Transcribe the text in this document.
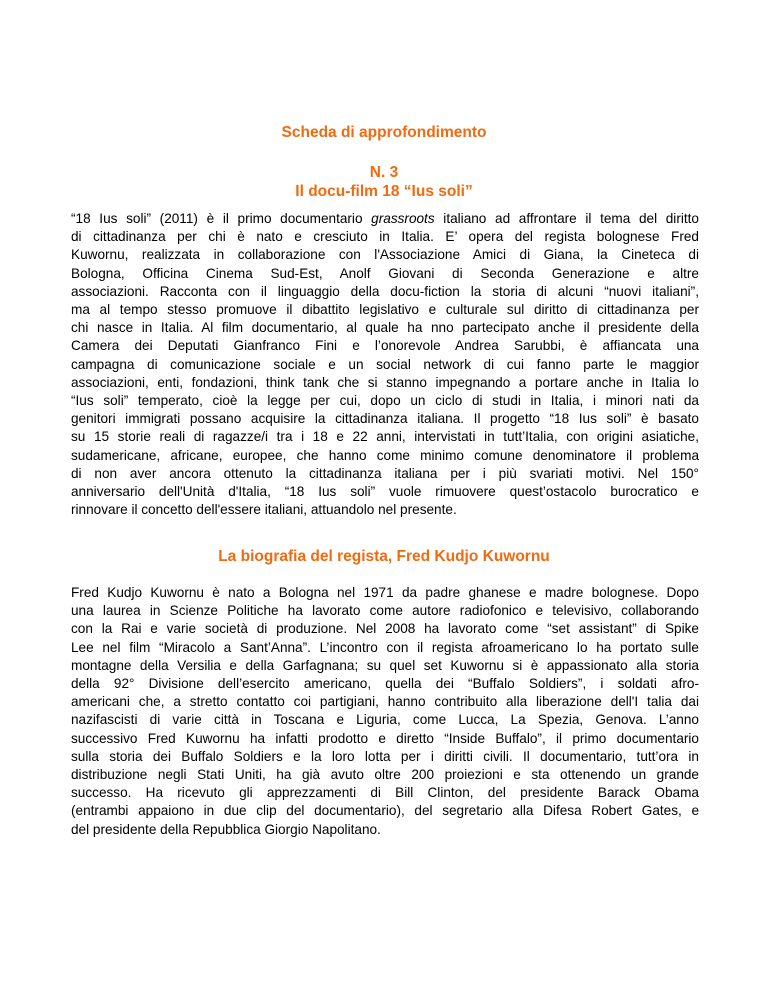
Scheda di approfondimento
N. 3
Il docu-film 18 “Ius soli”
“18 Ius soli” (2011) è il primo documentario grassroots italiano ad affrontare il tema del diritto
di cittadinanza per chi è nato e cresciuto in Italia. E’ opera del regista bolognese Fred
Kuwornu, realizzata in collaborazione con l'Associazione Amici di Giana, la Cineteca di
Bologna, Officina Cinema Sud-Est, Anolf Giovani di Seconda Generazione e altre
associazioni. Racconta con il linguaggio della docu-fiction la storia di alcuni “nuovi italiani”,
ma al tempo stesso promuove il dibattito legislativo e culturale sul diritto di cittadinanza per
chi nasce in Italia. Al film documentario, al quale ha nno partecipato anche il presidente della
Camera dei Deputati Gianfranco Fini e l’onorevole Andrea Sarubbi, è affiancata una
campagna di comunicazione sociale e un social network di cui fanno parte le maggior
associazioni, enti, fondazioni, think tank che si stanno impegnando a portare anche in Italia lo
“Ius soli” temperato, cioè la legge per cui, dopo un ciclo di studi in Italia, i minori nati da
genitori immigrati possano acquisire la cittadinanza italiana. Il progetto “18 Ius soli” è basato
su 15 storie reali di ragazze/i tra i 18 e 22 anni, intervistati in tutt’Italia, con origini asiatiche,
sudamericane, africane, europee, che hanno come minimo comune denominatore il problema
di non aver ancora ottenuto la cittadinanza italiana per i più svariati motivi. Nel 150°
anniversario dell'Unità d'Italia, “18 Ius soli” vuole rimuovere quest’ostacolo burocratico e
rinnovare il concetto dell'essere italiani, attuandolo nel presente.
La biografia del regista, Fred Kudjo Kuwornu
Fred Kudjo Kuwornu è nato a Bologna nel 1971 da padre ghanese e madre bolognese. Dopo
una laurea in Scienze Politiche ha lavorato come autore radiofonico e televisivo, collaborando
con la Rai e varie società di produzione. Nel 2008 ha lavorato come “set assistant” di Spike
Lee nel film “Miracolo a Sant’Anna”. L’incontro con il regista afroamericano lo ha portato sulle
montagne della Versilia e della Garfagnana; su quel set Kuwornu si è appassionato alla storia
della 92° Divisione dell’esercito americano, quella dei “Buffalo Soldiers”, i soldati afro-
americani che, a stretto contatto coi partigiani, hanno contribuito alla liberazione dell'I talia dai
nazifascisti di varie città in Toscana e Liguria, come Lucca, La Spezia, Genova. L’anno
successivo Fred Kuwornu ha infatti prodotto e diretto “Inside Buffalo”, il primo documentario
sulla storia dei Buffalo Soldiers e la loro lotta per i diritti civili. Il documentario, tutt’ora in
distribuzione negli Stati Uniti, ha già avuto oltre 200 proiezioni e sta ottenendo un grande
successo. Ha ricevuto gli apprezzamenti di Bill Clinton, del presidente Barack Obama
(entrambi appaiono in due clip del documentario), del segretario alla Difesa Robert Gates, e
del presidente della Repubblica Giorgio Napolitano.
